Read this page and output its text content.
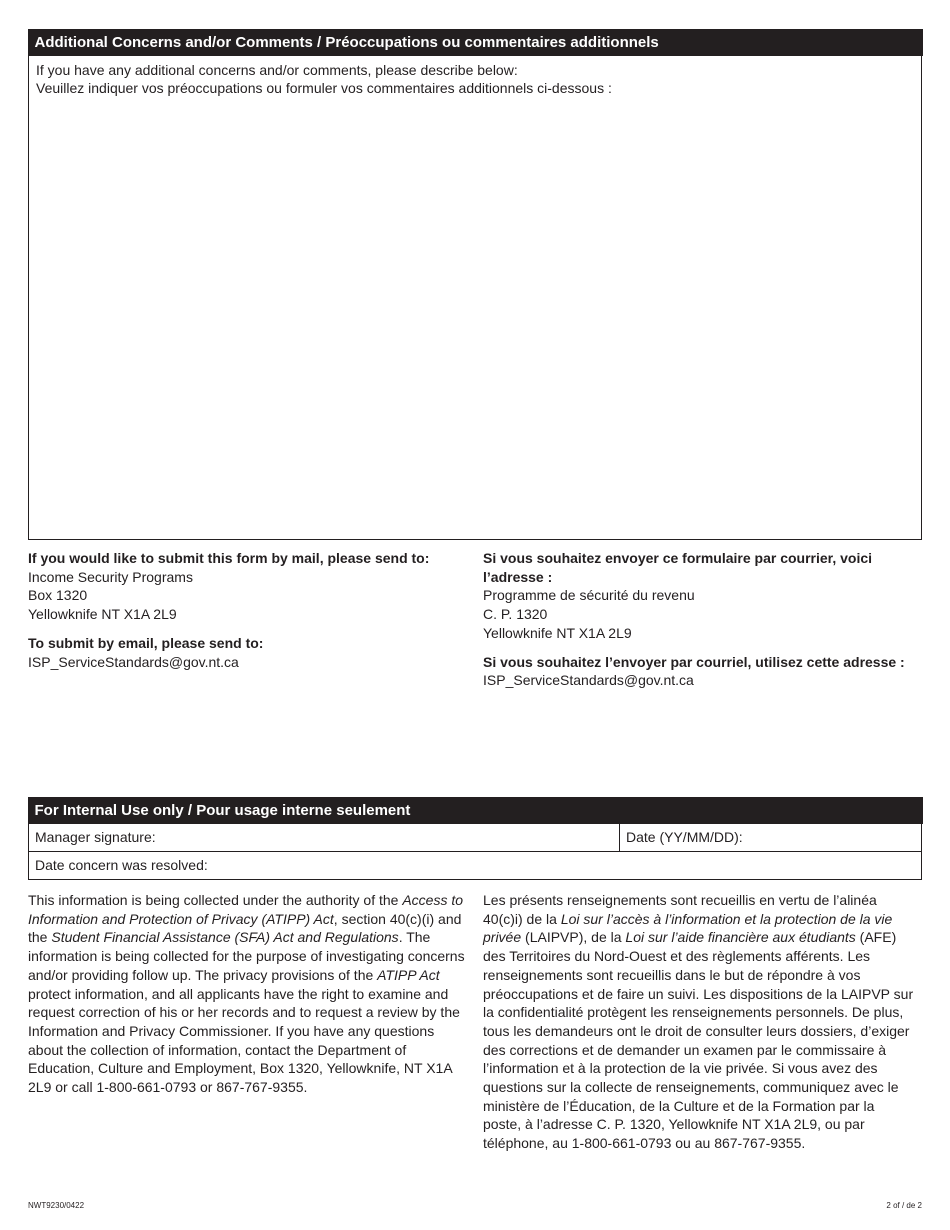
Additional Concerns and/or Comments / Préoccupations ou commentaires additionnels
If you have any additional concerns and/or comments, please describe below:
Veuillez indiquer vos préoccupations ou formuler vos commentaires additionnels ci-dessous :
If you would like to submit this form by mail, please send to:
Income Security Programs
Box 1320
Yellowknife NT X1A 2L9
To submit by email, please send to:
ISP_ServiceStandards@gov.nt.ca
Si vous souhaitez envoyer ce formulaire par courrier, voici l’adresse :
Programme de sécurité du revenu
C. P. 1320
Yellowknife NT X1A 2L9
Si vous souhaitez l’envoyer par courriel, utilisez cette adresse :
ISP_ServiceStandards@gov.nt.ca
For Internal Use only / Pour usage interne seulement
Manager signature:	Date (YY/MM/DD):
Date concern was resolved:
This information is being collected under the authority of the Access to Information and Protection of Privacy (ATIPP) Act, section 40(c)(i) and the Student Financial Assistance (SFA) Act and Regulations. The information is being collected for the purpose of investigating concerns and/or providing follow up. The privacy provisions of the ATIPP Act protect information, and all applicants have the right to examine and request correction of his or her records and to request a review by the Information and Privacy Commissioner. If you have any questions about the collection of information, contact the Department of Education, Culture and Employment, Box 1320, Yellowknife, NT X1A 2L9 or call 1-800-661-0793 or 867-767-9355.
Les présents renseignements sont recueillis en vertu de l’alinéa 40(c)i) de la Loi sur l’accès à l’information et la protection de la vie privée (LAIPVP), de la Loi sur l’aide financière aux étudiants (AFE) des Territoires du Nord-Ouest et des règlements afférents. Les renseignements sont recueillis dans le but de répondre à vos préoccupations et de faire un suivi. Les dispositions de la LAIPVP sur la confidentialité protègent les renseignements personnels. De plus, tous les demandeurs ont le droit de consulter leurs dossiers, d’exiger des corrections et de demander un examen par le commissaire à l’information et à la protection de la vie privée. Si vous avez des questions sur la collecte de renseignements, communiquez avec le ministère de l’Éducation, de la Culture et de la Formation par la poste, à l’adresse C. P. 1320, Yellowknife NT X1A 2L9, ou par téléphone, au 1-800-661-0793 ou au 867-767-9355.
NWT9230/0422	2 of / de 2
